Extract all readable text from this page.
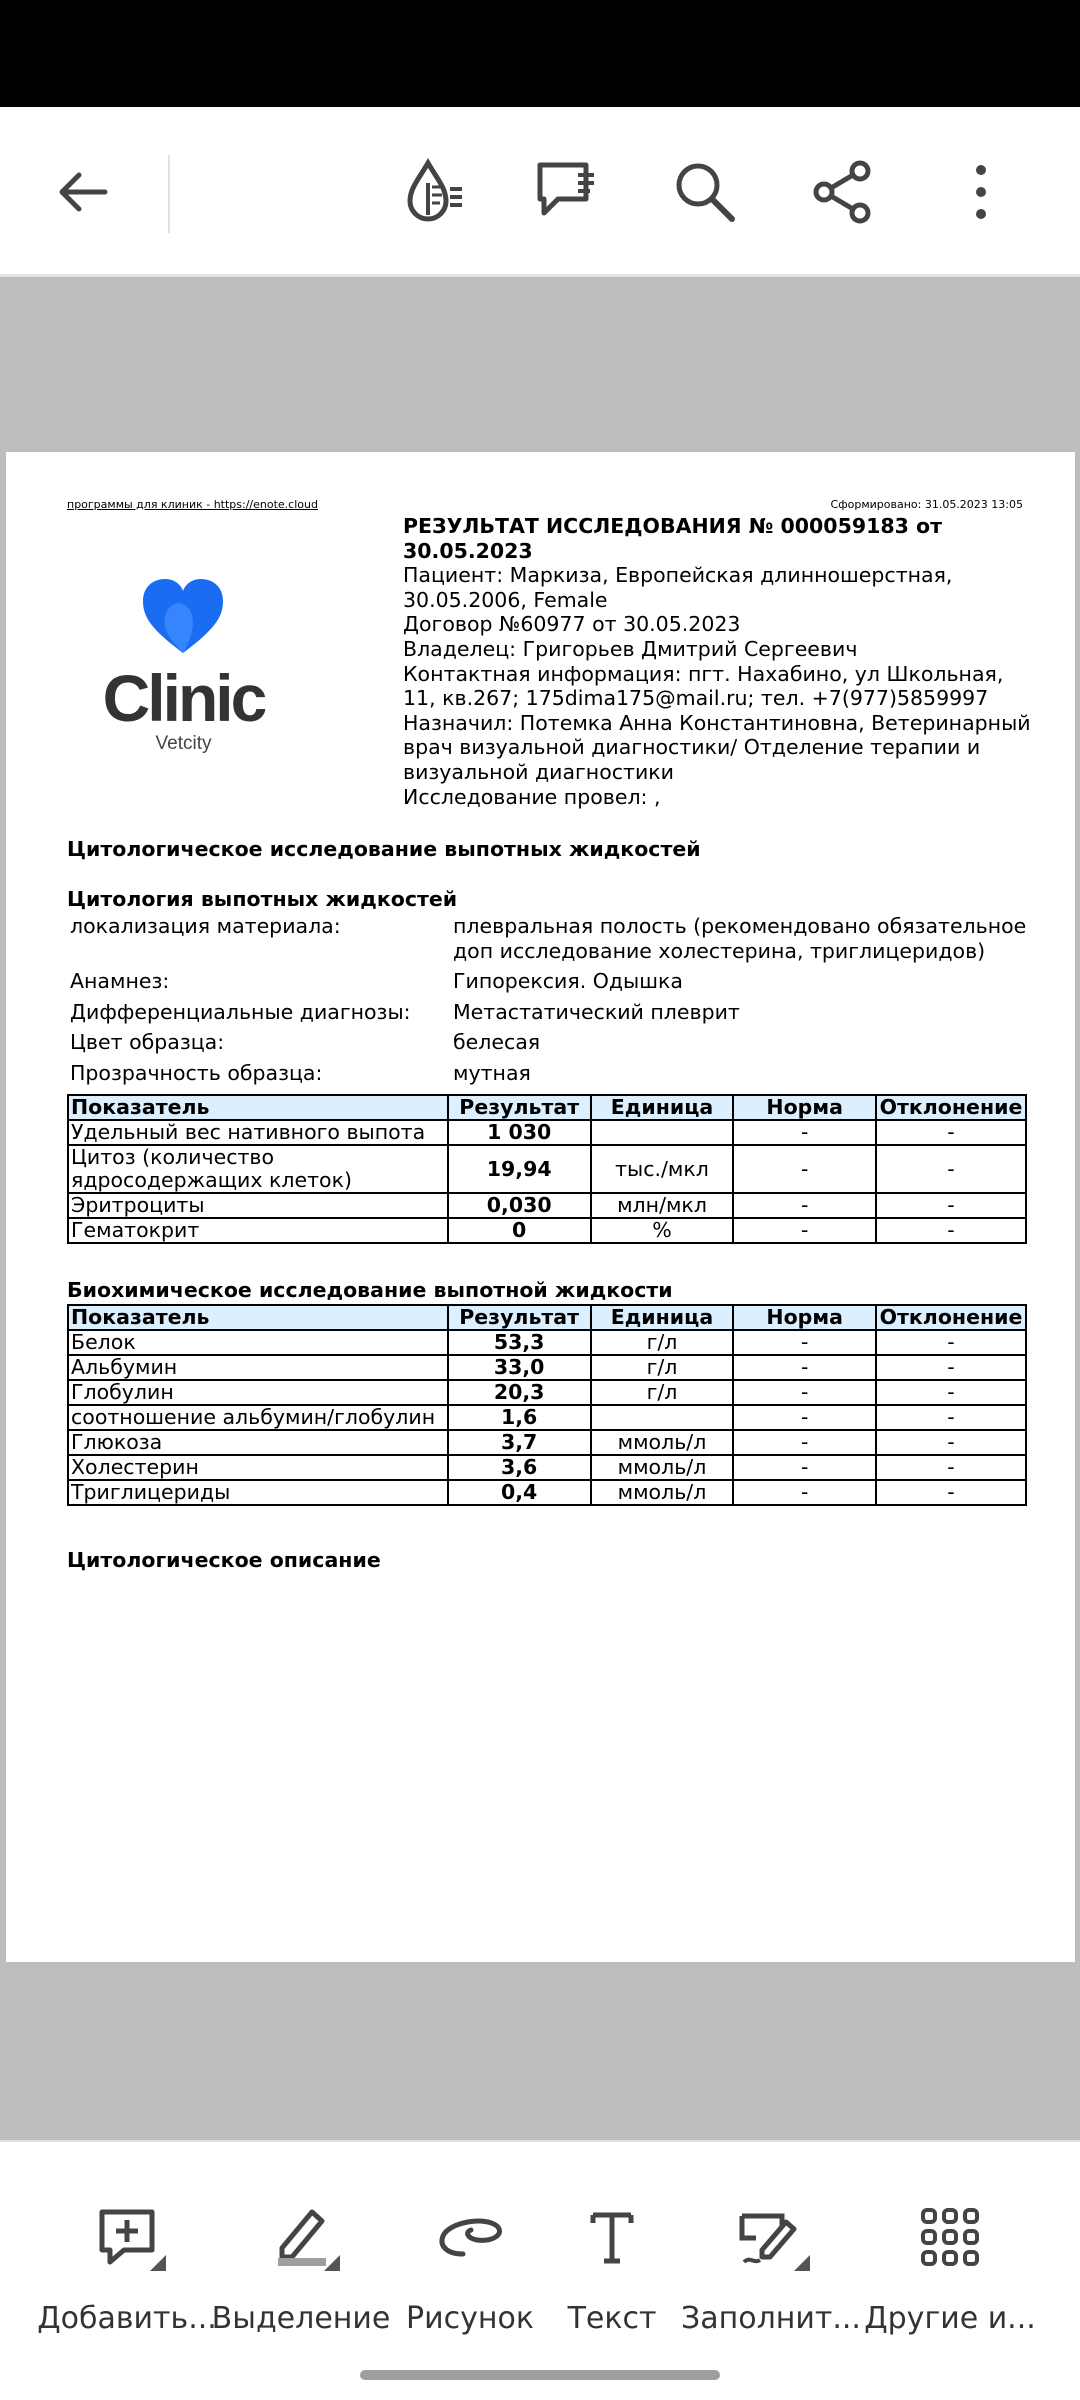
программы для клиник - https://enote.cloud	Сформировано: 31.05.2023 13:05
Clinic
Vetcity
РЕЗУЛЬТАТ ИССЛЕДОВАНИЯ № 000059183 от
30.05.2023
Пациент: Маркиза, Европейская длинношерстная,
30.05.2006, Female
Договор №60977 от 30.05.2023
Владелец: Григорьев Дмитрий Сергеевич
Контактная информация: пгт. Нахабино, ул Школьная,
11, кв.267; 175dima175@mail.ru; тел. +7(977)5859997
Назначил: Потемка Анна Константиновна, Ветеринарный
врач визуальной диагностики/ Отделение терапии и
визуальной диагностики
Исследование провел: ,
Цитологическое исследование выпотных жидкостей
Цитология выпотных жидкостей
локализация материала:	плевральная полость (рекомендовано обязательное доп исследование холестерина, триглицеридов)
Анамнез:	Гипорексия. Одышка
Дифференциальные диагнозы:	Метастатический плеврит
Цвет образца:	белесая
Прозрачность образца:	мутная
Показатель	Результат	Единица	Норма	Отклонение
Удельный вес нативного выпота	1 030		-	-
Цитоз (количество ядросодержащих клеток)	19,94	тыс./мкл	-	-
Эритроциты	0,030	млн/мкл	-	-
Гематокрит	0	%	-	-
Биохимическое исследование выпотной жидкости
Показатель	Результат	Единица	Норма	Отклонение
Белок	53,3	г/л	-	-
Альбумин	33,0	г/л	-	-
Глобулин	20,3	г/л	-	-
соотношение альбумин/глобулин	1,6		-	-
Глюкоза	3,7	ммоль/л	-	-
Холестерин	3,6	ммоль/л	-	-
Триглицериды	0,4	ммоль/л	-	-
Цитологическое описание
Добавить...
Выделение Рисунок Текст Заполнит... Другие и...
